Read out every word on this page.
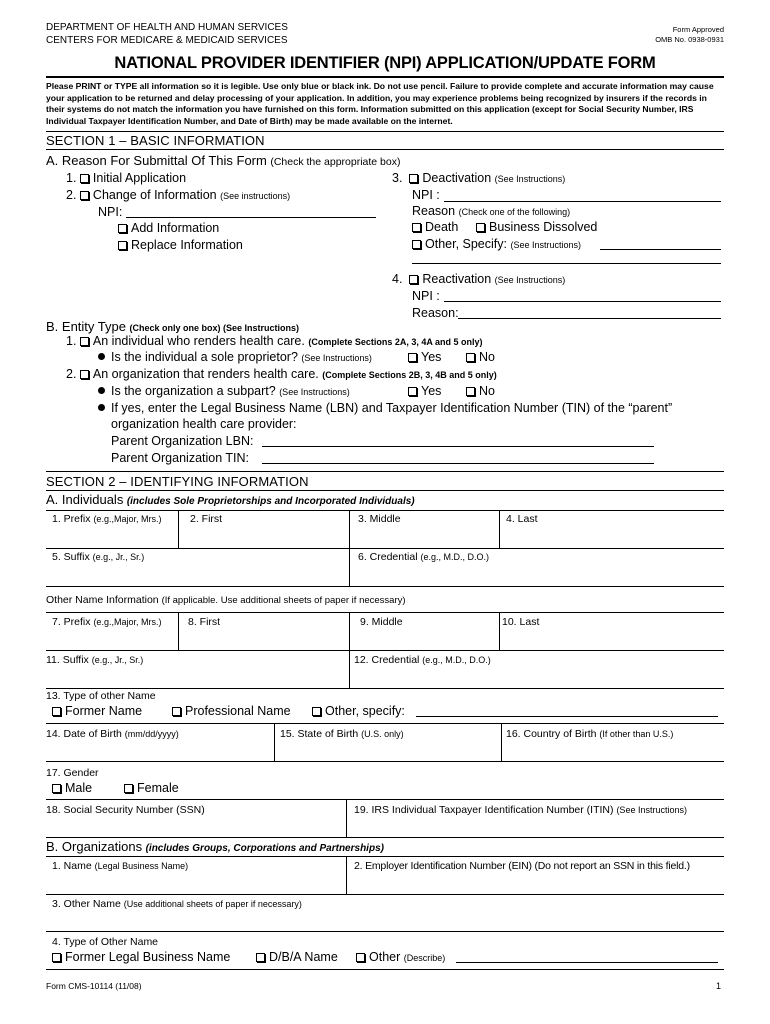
DEPARTMENT OF HEALTH AND HUMAN SERVICES
CENTERS FOR MEDICARE & MEDICAID SERVICES
Form Approved
OMB No. 0938-0931
NATIONAL PROVIDER IDENTIFIER (NPI) APPLICATION/UPDATE FORM
Please PRINT or TYPE all information so it is legible. Use only blue or black ink. Do not use pencil. Failure to provide complete and accurate information may cause your application to be returned and delay processing of your application. In addition, you may experience problems being recognized by insurers if the records in their systems do not match the information you have furnished on this form. Information submitted on this application (except for Social Security Number, IRS Individual Taxpayer Identification Number, and Date of Birth) may be made available on the internet.
SECTION 1 – BASIC INFORMATION
A. Reason For Submittal Of This Form (Check the appropriate box)
1. Initial Application
2. Change of Information (See instructions)
NPI:
Add Information
Replace Information
3. Deactivation (See Instructions)
NPI :
Reason (Check one of the following)
Death	Business Dissolved
Other, Specify: (See Instructions)
4. Reactivation (See Instructions)
NPI :
Reason:
B. Entity Type (Check only one box) (See Instructions)
1. An individual who renders health care. (Complete Sections 2A, 3, 4A and 5 only)
Is the individual a sole proprietor? (See Instructions)	Yes	No
2. An organization that renders health care. (Complete Sections 2B, 3, 4B and 5 only)
Is the organization a subpart? (See Instructions)	Yes	No
If yes, enter the Legal Business Name (LBN) and Taxpayer Identification Number (TIN) of the “parent”
organization health care provider:
Parent Organization LBN:
Parent Organization TIN:
SECTION 2 – IDENTIFYING INFORMATION
A. Individuals (includes Sole Proprietorships and Incorporated Individuals)
1. Prefix (e.g.,Major, Mrs.)	2. First	3. Middle	4. Last
5. Suffix (e.g., Jr., Sr.)	6. Credential (e.g., M.D., D.O.)
Other Name Information (If applicable. Use additional sheets of paper if necessary)
7. Prefix (e.g.,Major, Mrs.)	8. First	9. Middle	10. Last
11. Suffix (e.g., Jr., Sr.)	12. Credential (e.g., M.D., D.O.)
13. Type of other Name
Former Name	Professional Name	Other, specify:
14. Date of Birth (mm/dd/yyyy)	15. State of Birth (U.S. only)	16. Country of Birth (If other than U.S.)
17. Gender
Male	Female
18. Social Security Number (SSN)	19. IRS Individual Taxpayer Identification Number (ITIN) (See Instructions)
B. Organizations (includes Groups, Corporations and Partnerships)
1. Name (Legal Business Name)	2. Employer Identification Number (EIN) (Do not report an SSN in this field.)
3. Other Name (Use additional sheets of paper if necessary)
4. Type of Other Name
Former Legal Business Name	D/B/A Name	Other (Describe)
Form CMS-10114 (11/08)	1
